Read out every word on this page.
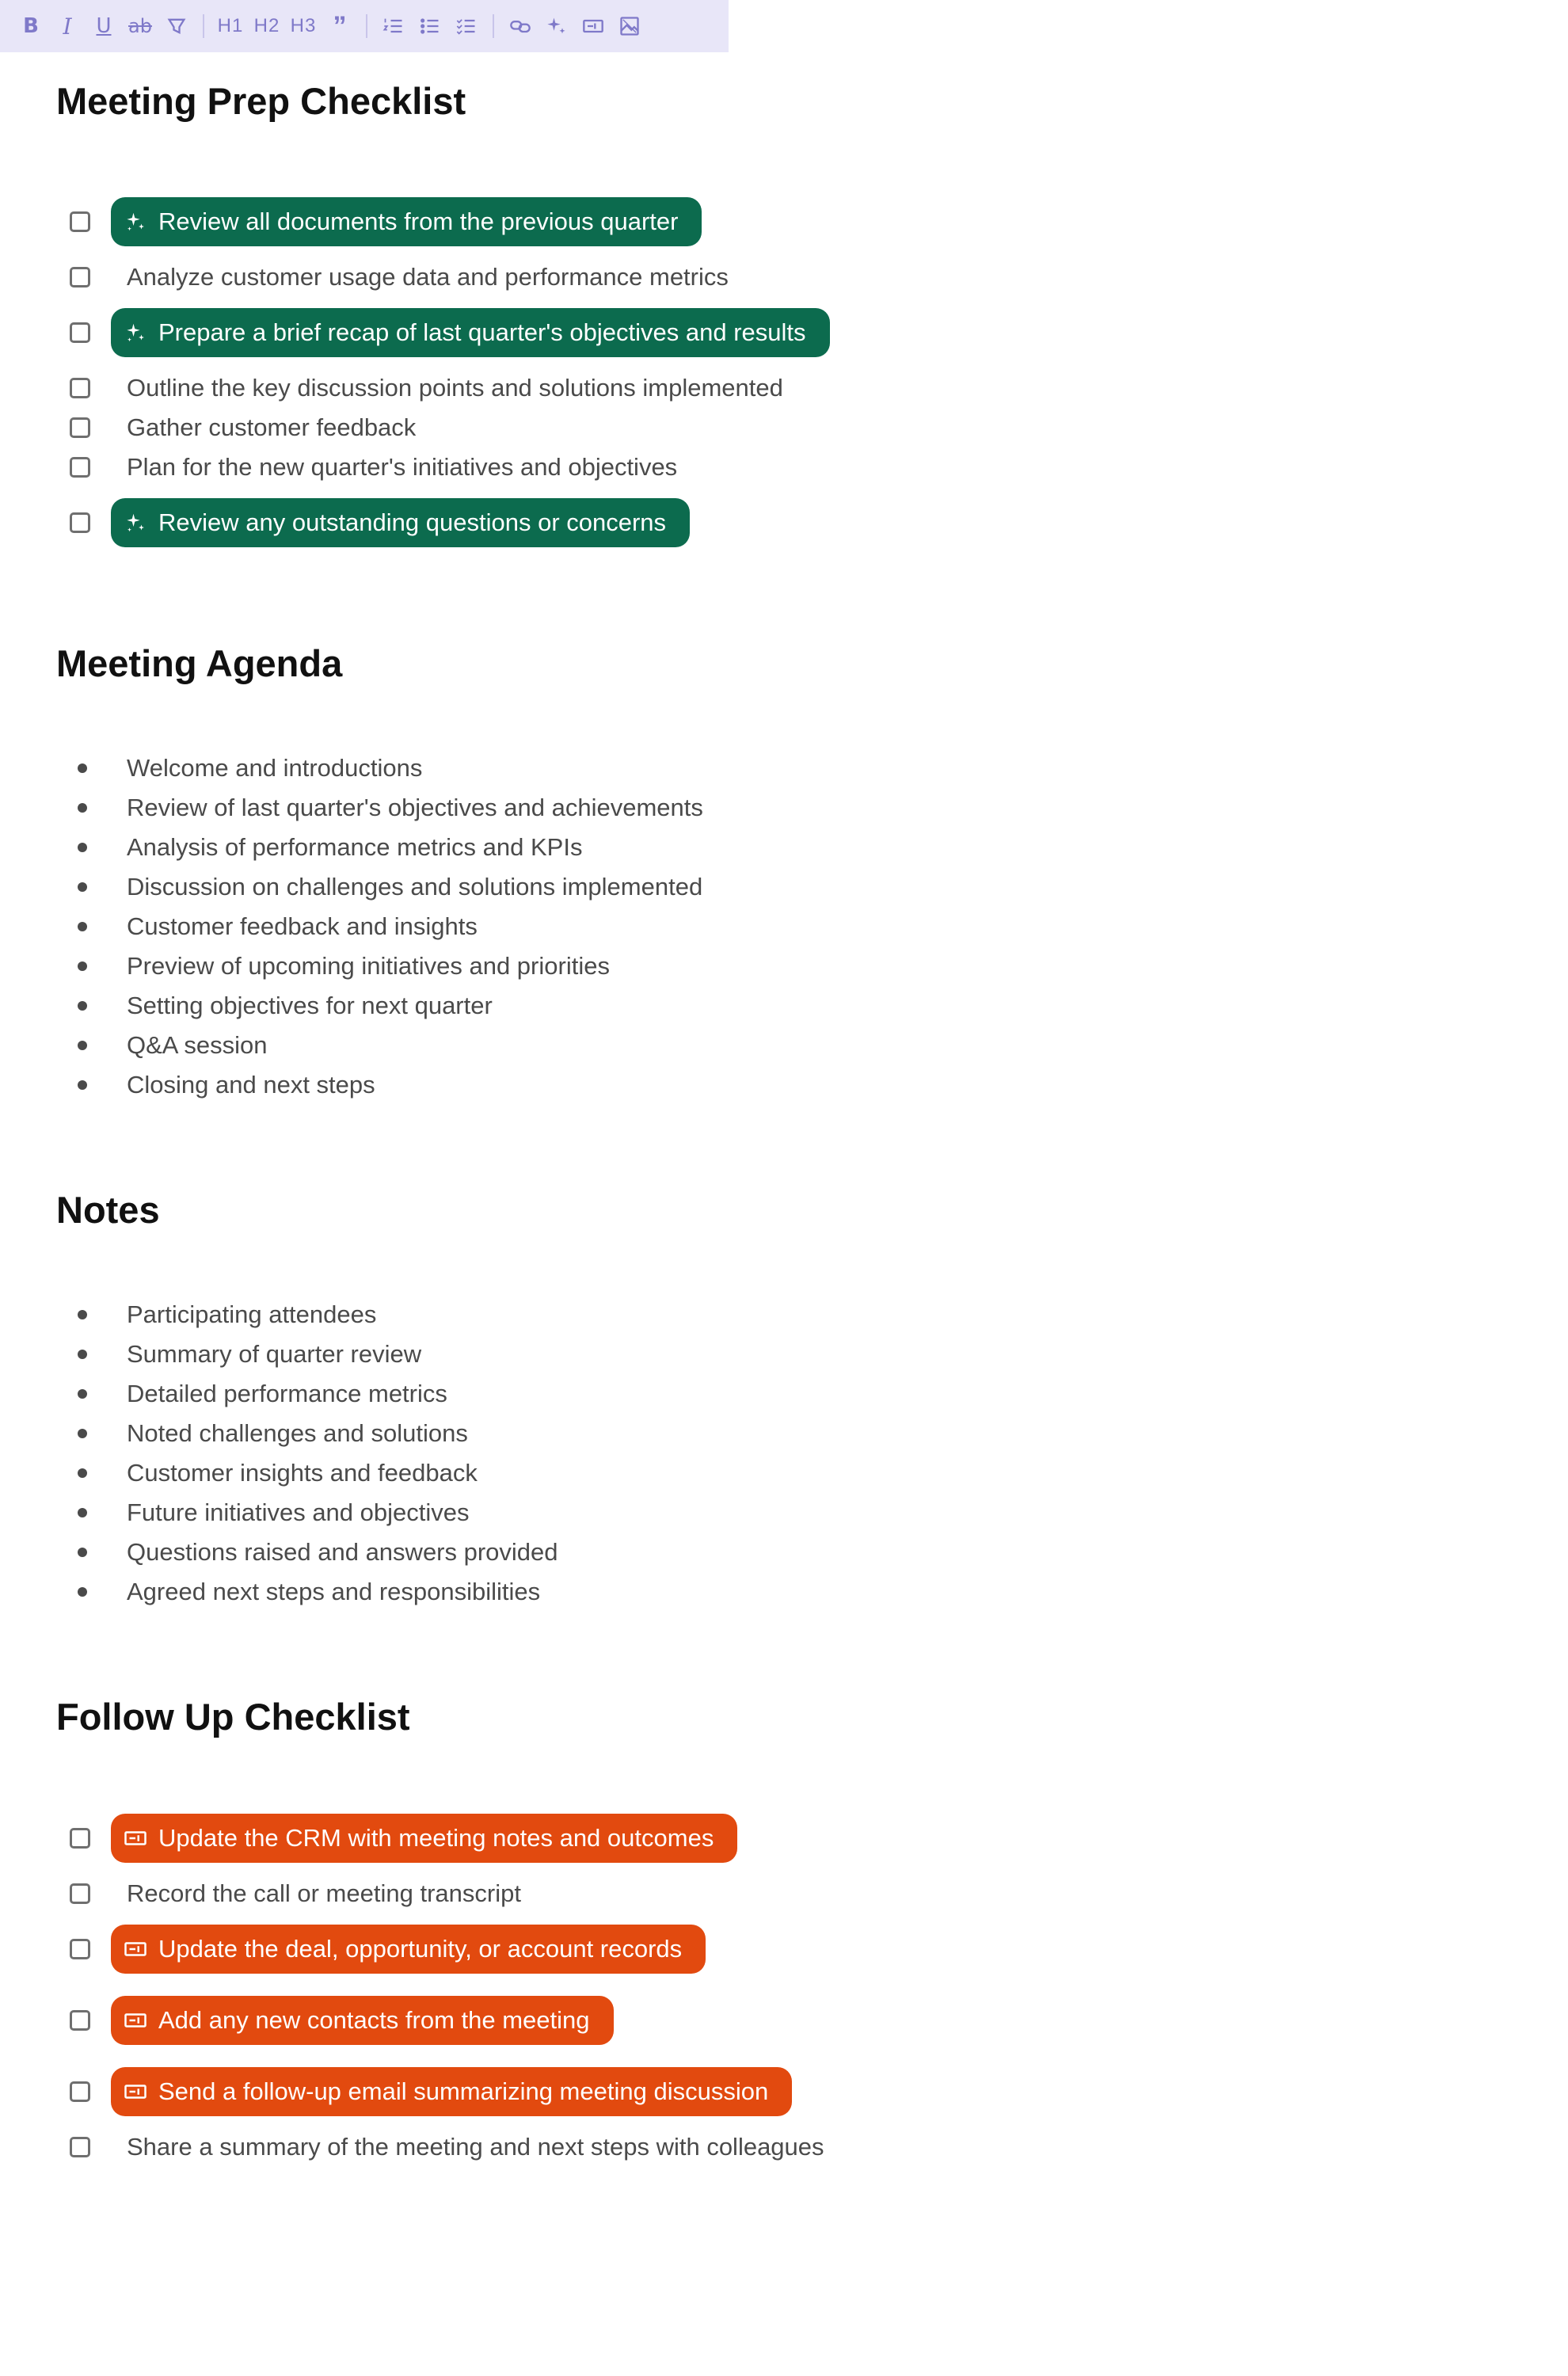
B	I	U ab	H1 H2 H3 ”
Meeting Prep Checklist
Review all documents from the previous quarter
Analyze customer usage data and performance metrics
Prepare a brief recap of last quarter's objectives and results
Outline the key discussion points and solutions implemented
Gather customer feedback
Plan for the new quarter's initiatives and objectives
Review any outstanding questions or concerns
Meeting Agenda
Welcome and introductions
Review of last quarter's objectives and achievements
Analysis of performance metrics and KPIs
Discussion on challenges and solutions implemented
Customer feedback and insights
Preview of upcoming initiatives and priorities
Setting objectives for next quarter
Q&A session
Closing and next steps
Notes
Participating attendees
Summary of quarter review
Detailed performance metrics
Noted challenges and solutions
Customer insights and feedback
Future initiatives and objectives
Questions raised and answers provided
Agreed next steps and responsibilities
Follow Up Checklist
Update the CRM with meeting notes and outcomes
Record the call or meeting transcript
Update the deal, opportunity, or account records
Add any new contacts from the meeting
Send a follow-up email summarizing meeting discussion
Share a summary of the meeting and next steps with colleagues
